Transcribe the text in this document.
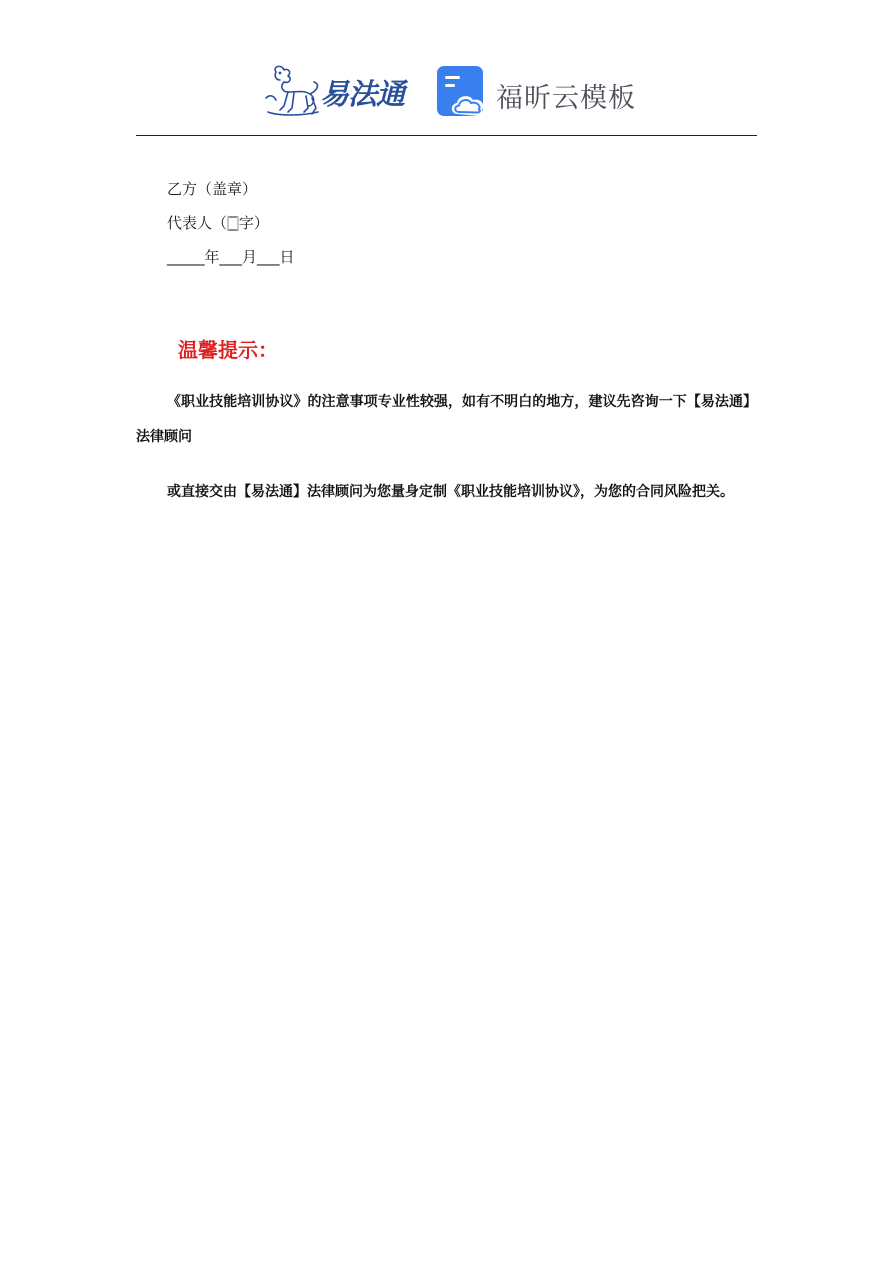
易法通	福昕云模板
乙方（盖章）
代表人（🀆字）
_____年___月___日
温馨提示：

《职业技能培训协议》的注意事项专业性较强，如有不明白的地方，建议先咨询一下【易法通】法律顾问

或直接交由【易法通】法律顾问为您量身定制《职业技能培训协议》，为您的合同风险把关。
